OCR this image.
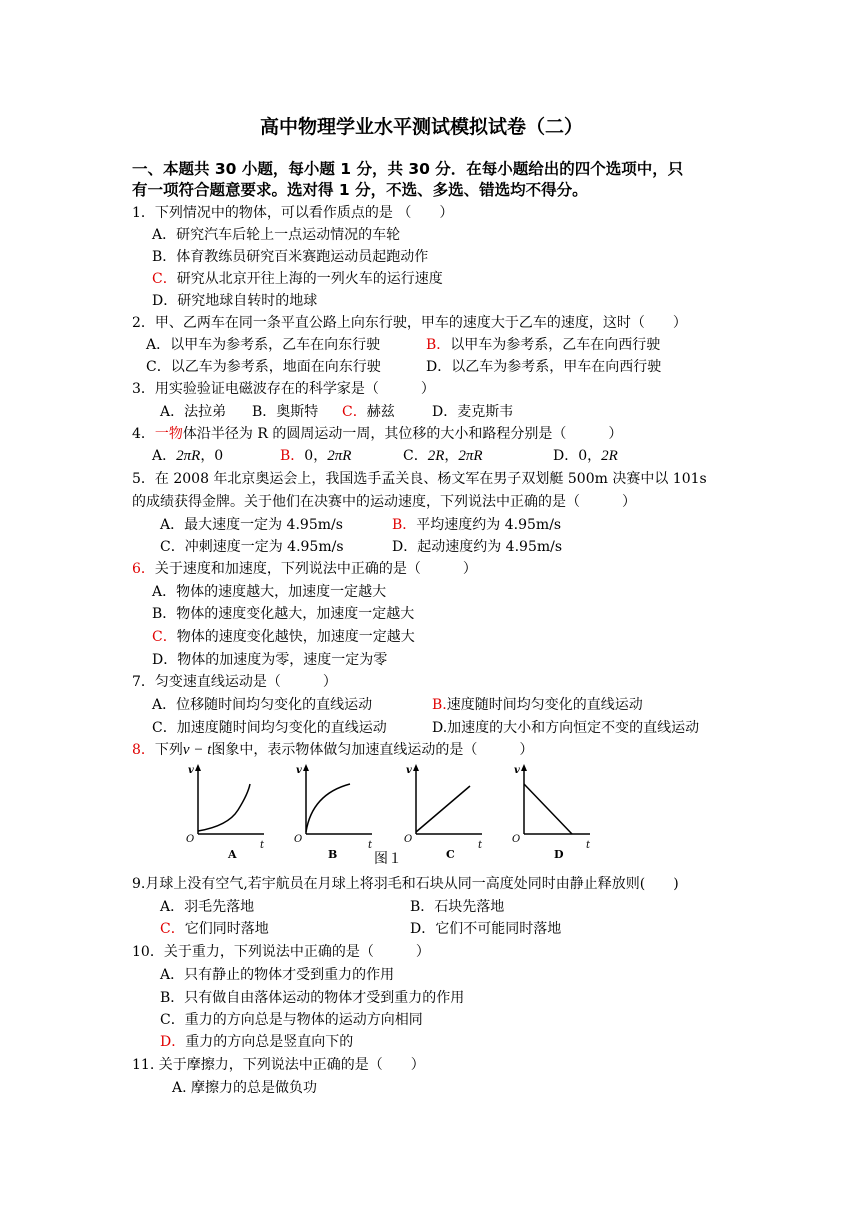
高中物理学业水平测试模拟试卷（二）
一、本题共 30 小题，每小题 1 分，共 30 分．在每小题给出的四个选项中，只
有一项符合题意要求。选对得 1 分，不选、多选、错选均不得分。
1．下列情况中的物体，可以看作质点的是 （　　）
A．研究汽车后轮上一点运动情况的车轮
B．体育教练员研究百米赛跑运动员起跑动作
C．研究从北京开往上海的一列火车的运行速度
D．研究地球自转时的地球
2．甲、乙两车在同一条平直公路上向东行驶，甲车的速度大于乙车的速度，这时（　　）
A．以甲车为参考系，乙车在向东行驶	B．以甲车为参考系，乙车在向西行驶
C．以乙车为参考系，地面在向东行驶	D．以乙车为参考系，甲车在向西行驶
3．用实验验证电磁波存在的科学家是（　　　）
A．法拉弟 B．奥斯特 C．赫兹	D．麦克斯韦
4．一物体沿半径为 R 的圆周运动一周，其位移的大小和路程分别是（　　　）
A．2πR，0	B．0，2πR	C．2R，2πR	D．0，2R
5．在 2008 年北京奥运会上，我国选手孟关良、杨文军在男子双划艇 500m 决赛中以 101s
的成绩获得金牌。关于他们在决赛中的运动速度，下列说法中正确的是（　　　）
A．最大速度一定为 4.95m/s	B．平均速度约为 4.95m/s
C．冲刺速度一定为 4.95m/s	D．起动速度约为 4.95m/s
6．关于速度和加速度，下列说法中正确的是（　　　）
A．物体的速度越大，加速度一定越大
B．物体的速度变化越大，加速度一定越大
C．物体的速度变化越快，加速度一定越大
D．物体的加速度为零，速度一定为零
7．匀变速直线运动是（　　　）
A．位移随时间均匀变化的直线运动	B.速度随时间均匀变化的直线运动
C．加速度随时间均匀变化的直线运动	D.加速度的大小和方向恒定不变的直线运动
8．下列v − t图象中，表示物体做匀加速直线运动的是（　　　）
v
O
t
A
v
O
t
B
v
O
t
C
v
O
t
D
图１
9.月球上没有空气,若宇航员在月球上将羽毛和石块从同一高度处同时由静止释放则(　　)
A．羽毛先落地	B．石块先落地
C．它们同时落地	D．它们不可能同时落地
10．关于重力，下列说法中正确的是（　　　）
A．只有静止的物体才受到重力的作用
B．只有做自由落体运动的物体才受到重力的作用
C．重力的方向总是与物体的运动方向相同
D．重力的方向总是竖直向下的
11. 关于摩擦力，下列说法中正确的是（　　）
A. 摩擦力的总是做负功
